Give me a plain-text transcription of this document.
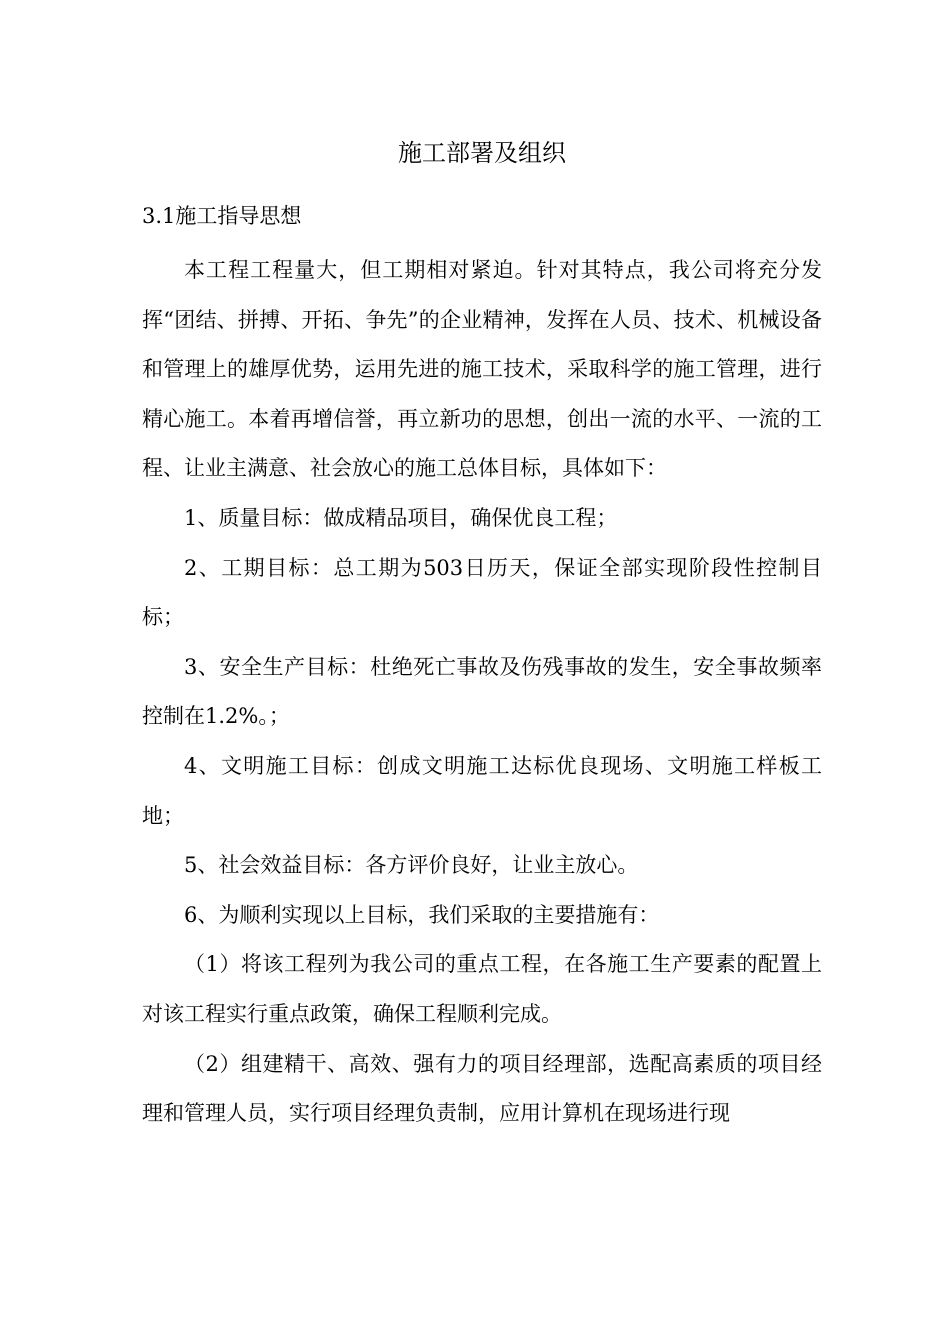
施工部署及组织
3.1施工指导思想

本工程工程量大，但工期相对紧迫。针对其特点，我公司将充分发挥“团结、拼搏、开拓、争先”的企业精神，发挥在人员、技术、机械设备和管理上的雄厚优势，运用先进的施工技术，采取科学的施工管理，进行精心施工。本着再增信誉，再立新功的思想，创出一流的水平、一流的工程、让业主满意、社会放心的施工总体目标，具体如下：

1、质量目标：做成精品项目，确保优良工程；

2、工期目标：总工期为503日历天，保证全部实现阶段性控制目标；

3、安全生产目标：杜绝死亡事故及伤残事故的发生，安全事故频率控制在1.2%。；

4、文明施工目标：创成文明施工达标优良现场、文明施工样板工地；

5、社会效益目标：各方评价良好，让业主放心。

6、为顺利实现以上目标，我们采取的主要措施有：

（1）将该工程列为我公司的重点工程，在各施工生产要素的配置上对该工程实行重点政策，确保工程顺利完成。

（2）组建精干、高效、强有力的项目经理部，选配高素质的项目经理和管理人员，实行项目经理负责制，应用计算机在现场进行现
